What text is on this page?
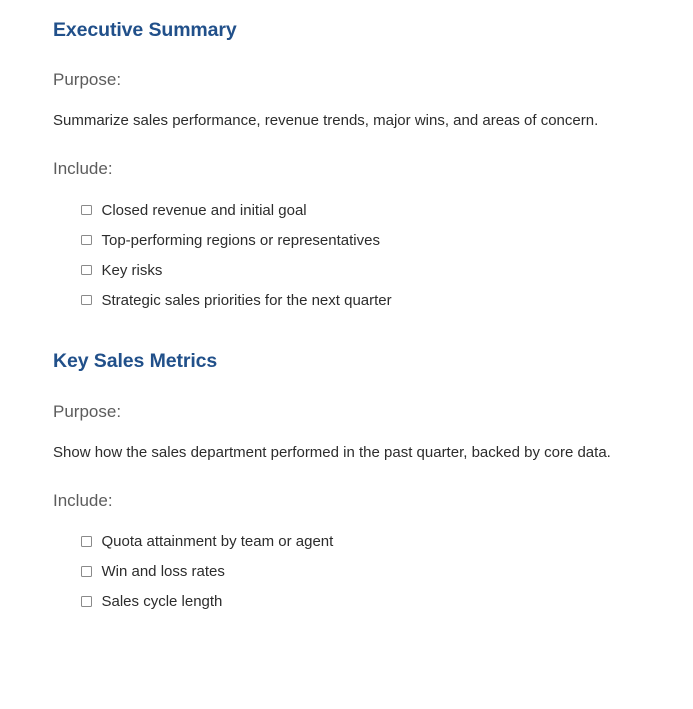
Executive Summary
Purpose:

Summarize sales performance, revenue trends, major wins, and areas of concern.

Include:
Closed revenue and initial goal
Top-performing regions or representatives
Key risks
Strategic sales priorities for the next quarter
Key Sales Metrics
Purpose:

Show how the sales department performed in the past quarter, backed by core data.

Include:
Quota attainment by team or agent
Win and loss rates
Sales cycle length
